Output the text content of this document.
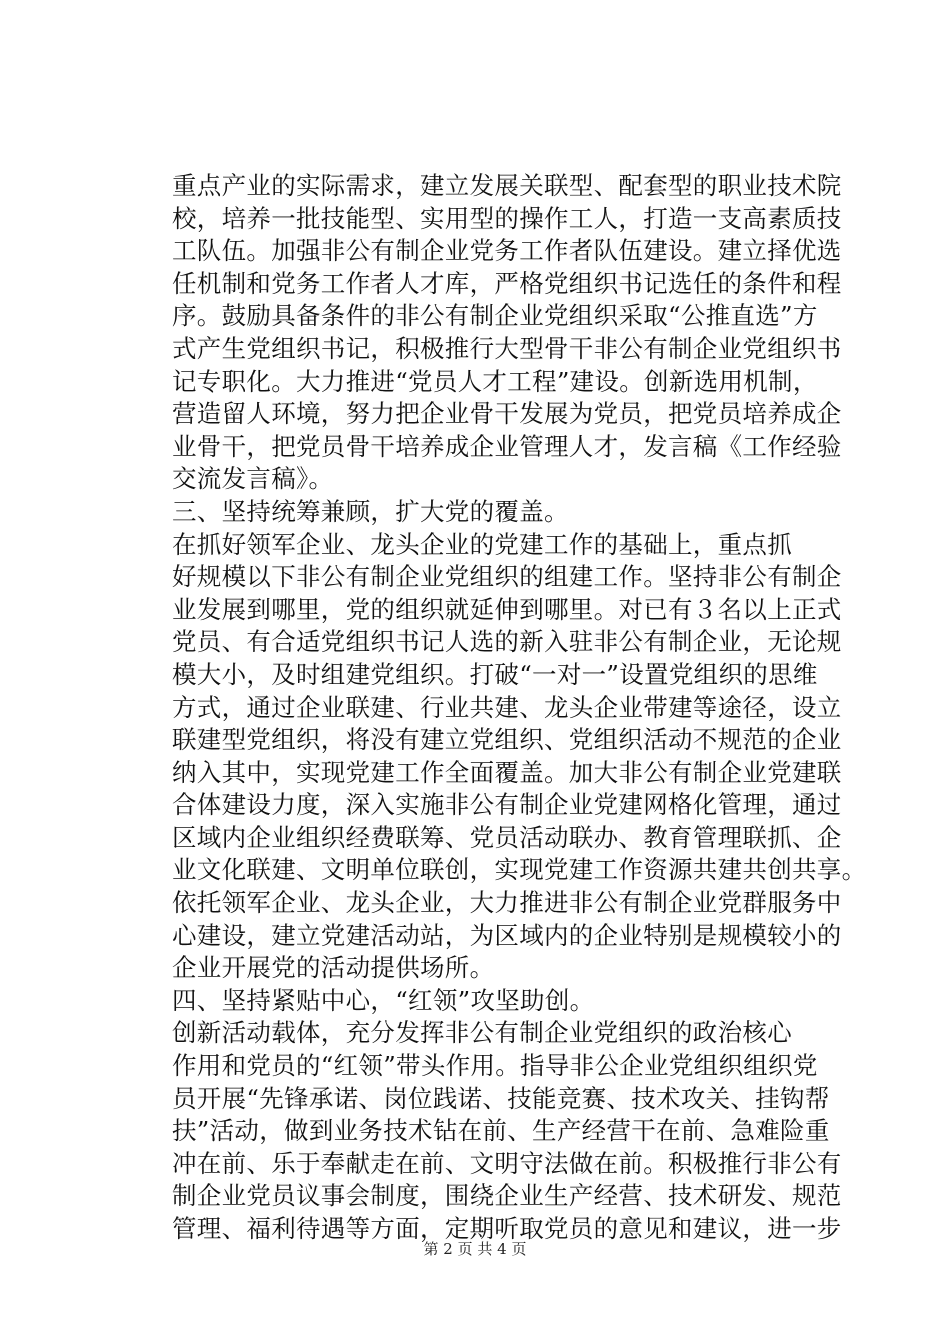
重点产业的实际需求，建立发展关联型、配套型的职业技术院
校，培养一批技能型、实用型的操作工人，打造一支高素质技
工队伍。加强非公有制企业党务工作者队伍建设。建立择优选
任机制和党务工作者人才库，严格党组织书记选任的条件和程
序。鼓励具备条件的非公有制企业党组织采取“公推直选”方
式产生党组织书记，积极推行大型骨干非公有制企业党组织书
记专职化。大力推进“党员人才工程”建设。创新选用机制，
营造留人环境，努力把企业骨干发展为党员，把党员培养成企
业骨干，把党员骨干培养成企业管理人才，发言稿《工作经验
交流发言稿》。
三、坚持统筹兼顾，扩大党的覆盖。
在抓好领军企业、龙头企业的党建工作的基础上，重点抓
好规模以下非公有制企业党组织的组建工作。坚持非公有制企
业发展到哪里，党的组织就延伸到哪里。对已有３名以上正式
党员、有合适党组织书记人选的新入驻非公有制企业，无论规
模大小，及时组建党组织。打破“一对一”设置党组织的思维
方式，通过企业联建、行业共建、龙头企业带建等途径，设立
联建型党组织，将没有建立党组织、党组织活动不规范的企业
纳入其中，实现党建工作全面覆盖。加大非公有制企业党建联
合体建设力度，深入实施非公有制企业党建网格化管理，通过
区域内企业组织经费联筹、党员活动联办、教育管理联抓、企
业文化联建、文明单位联创，实现党建工作资源共建共创共享。
依托领军企业、龙头企业，大力推进非公有制企业党群服务中
心建设，建立党建活动站，为区域内的企业特别是规模较小的
企业开展党的活动提供场所。
四、坚持紧贴中心，“红领”攻坚助创。
创新活动载体，充分发挥非公有制企业党组织的政治核心
作用和党员的“红领”带头作用。指导非公企业党组织组织党
员开展“先锋承诺、岗位践诺、技能竞赛、技术攻关、挂钩帮
扶”活动，做到业务技术钻在前、生产经营干在前、急难险重
冲在前、乐于奉献走在前、文明守法做在前。积极推行非公有
制企业党员议事会制度，围绕企业生产经营、技术研发、规范
管理、福利待遇等方面，定期听取党员的意见和建议，进一步
第 2 页 共 4 页
